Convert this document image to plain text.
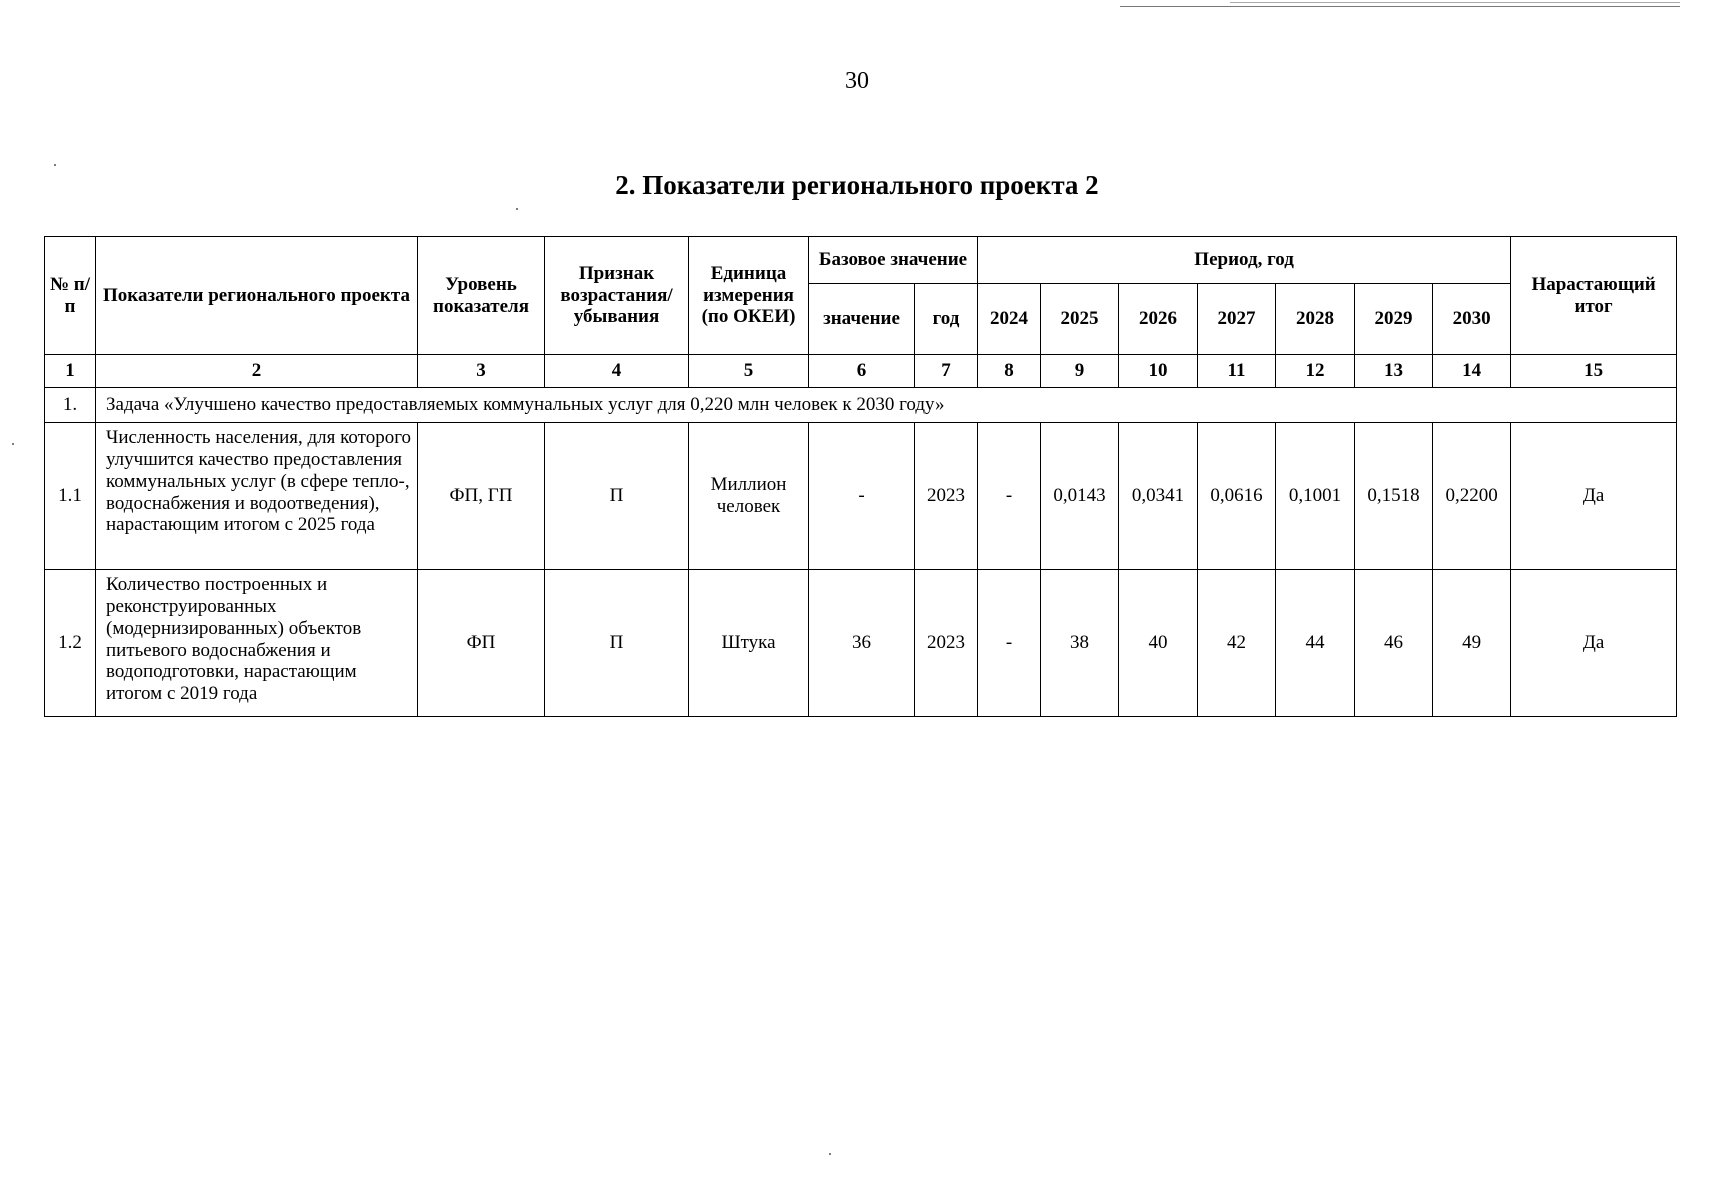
30
2. Показатели регионального проекта 2
№ п/п	Показатели регионального проекта	Уровень показателя	Признак возрастания/ убывания	Единица измерения (по ОКЕИ)	Базовое значение		Период, год							Нарастающий итог
					значение	год	2024	2025	2026	2027	2028	2029	2030	
1	2	3	4	5	6	7	8	9	10	11	12	13	14	15
1.	Задача «Улучшено качество предоставляемых коммунальных услуг для 0,220 млн человек к 2030 году»													
1.1	Численность населения, для которого улучшится качество предоставления коммунальных услуг (в сфере тепло-, водоснабжения и водоотведения), нарастающим итогом с 2025 года	ФП, ГП	П	Миллион человек	-	2023	-	0,0143	0,0341	0,0616	0,1001	0,1518	0,2200	Да
1.2	Количество построенных и реконструированных (модернизированных) объектов питьевого водоснабжения и водоподготовки, нарастающим итогом с 2019 года	ФП	П	Штука	36	2023	-	38	40	42	44	46	49	Да
